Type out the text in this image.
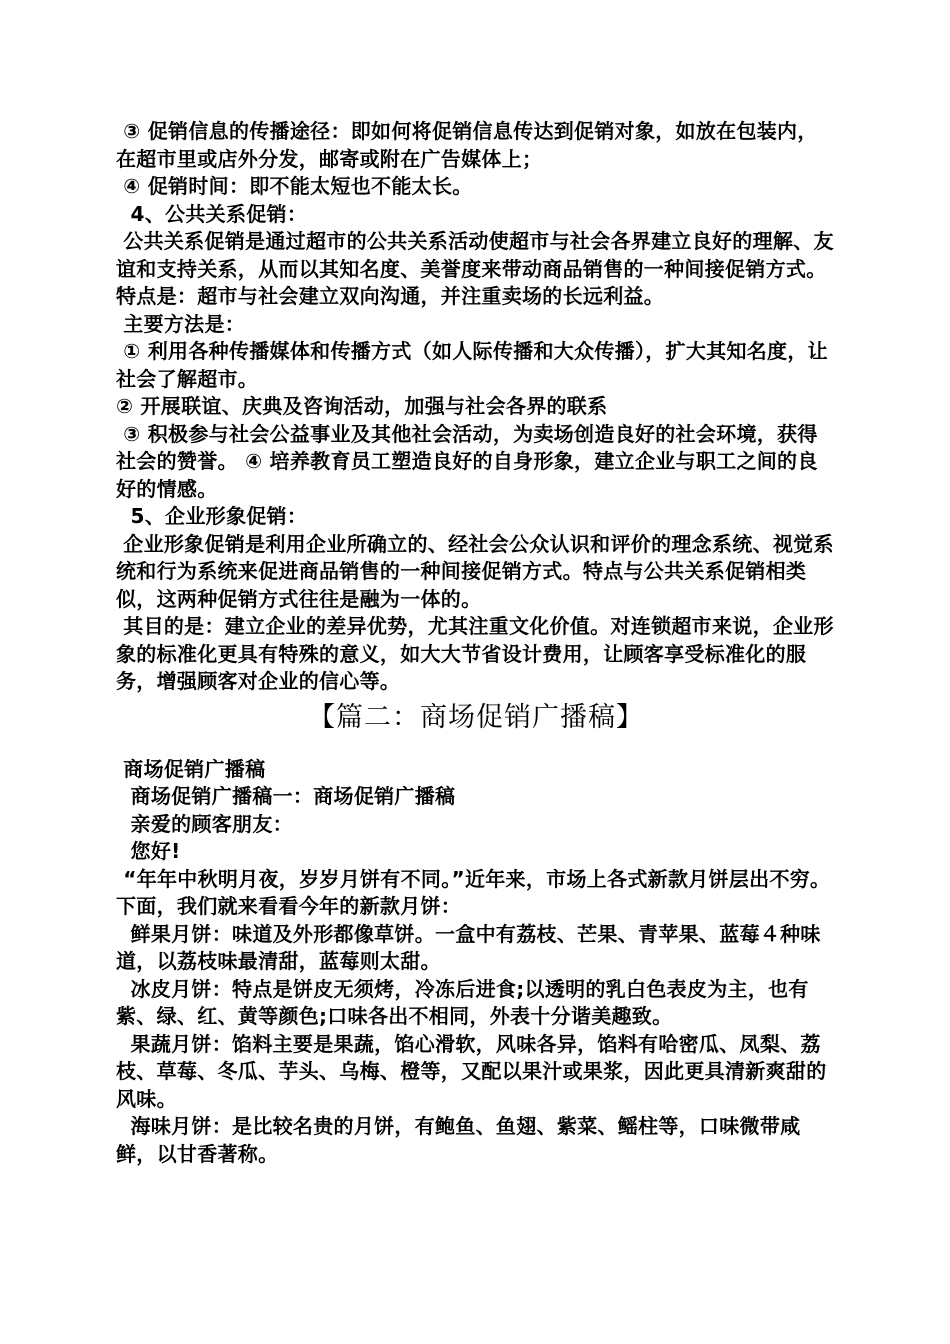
③ 促销信息的传播途径：即如何将促销信息传达到促销对象，如放在包装内，在超市里或店外分发，邮寄或附在广告媒体上；
④ 促销时间：即不能太短也不能太长。
4、公共关系促销：
公共关系促销是通过超市的公共关系活动使超市与社会各界建立良好的理解、友谊和支持关系，从而以其知名度、美誉度来带动商品销售的一种间接促销方式。特点是：超市与社会建立双向沟通，并注重卖场的长远利益。
主要方法是：
① 利用各种传播媒体和传播方式（如人际传播和大众传播），扩大其知名度，让社会了解超市。
② 开展联谊、庆典及咨询活动，加强与社会各界的联系
③ 积极参与社会公益事业及其他社会活动，为卖场创造良好的社会环境，获得社会的赞誉。 ④ 培养教育员工塑造良好的自身形象，建立企业与职工之间的良好的情感。
5、企业形象促销：
企业形象促销是利用企业所确立的、经社会公众认识和评价的理念系统、视觉系统和行为系统来促进商品销售的一种间接促销方式。特点与公共关系促销相类似，这两种促销方式往往是融为一体的。
其目的是：建立企业的差异优势，尤其注重文化价值。对连锁超市来说，企业形象的标准化更具有特殊的意义，如大大节省设计费用，让顾客享受标准化的服务，增强顾客对企业的信心等。
【篇二：商场促销广播稿】
商场促销广播稿
商场促销广播稿一：商场促销广播稿
亲爱的顾客朋友：
您好!
“年年中秋明月夜，岁岁月饼有不同。”近年来，市场上各式新款月饼层出不穷。下面，我们就来看看今年的新款月饼：
鲜果月饼：味道及外形都像草饼。一盒中有荔枝、芒果、青苹果、蓝莓４种味道，以荔枝味最清甜，蓝莓则太甜。
冰皮月饼：特点是饼皮无须烤，冷冻后进食;以透明的乳白色表皮为主，也有紫、绿、红、黄等颜色;口味各出不相同，外表十分谐美趣致。
果蔬月饼：馅料主要是果蔬，馅心滑软，风味各异，馅料有哈密瓜、凤梨、荔枝、草莓、冬瓜、芋头、乌梅、橙等，又配以果汁或果浆，因此更具清新爽甜的风味。
海味月饼：是比较名贵的月饼，有鲍鱼、鱼翅、紫菜、鳐柱等，口味微带咸鲜，以甘香著称。
